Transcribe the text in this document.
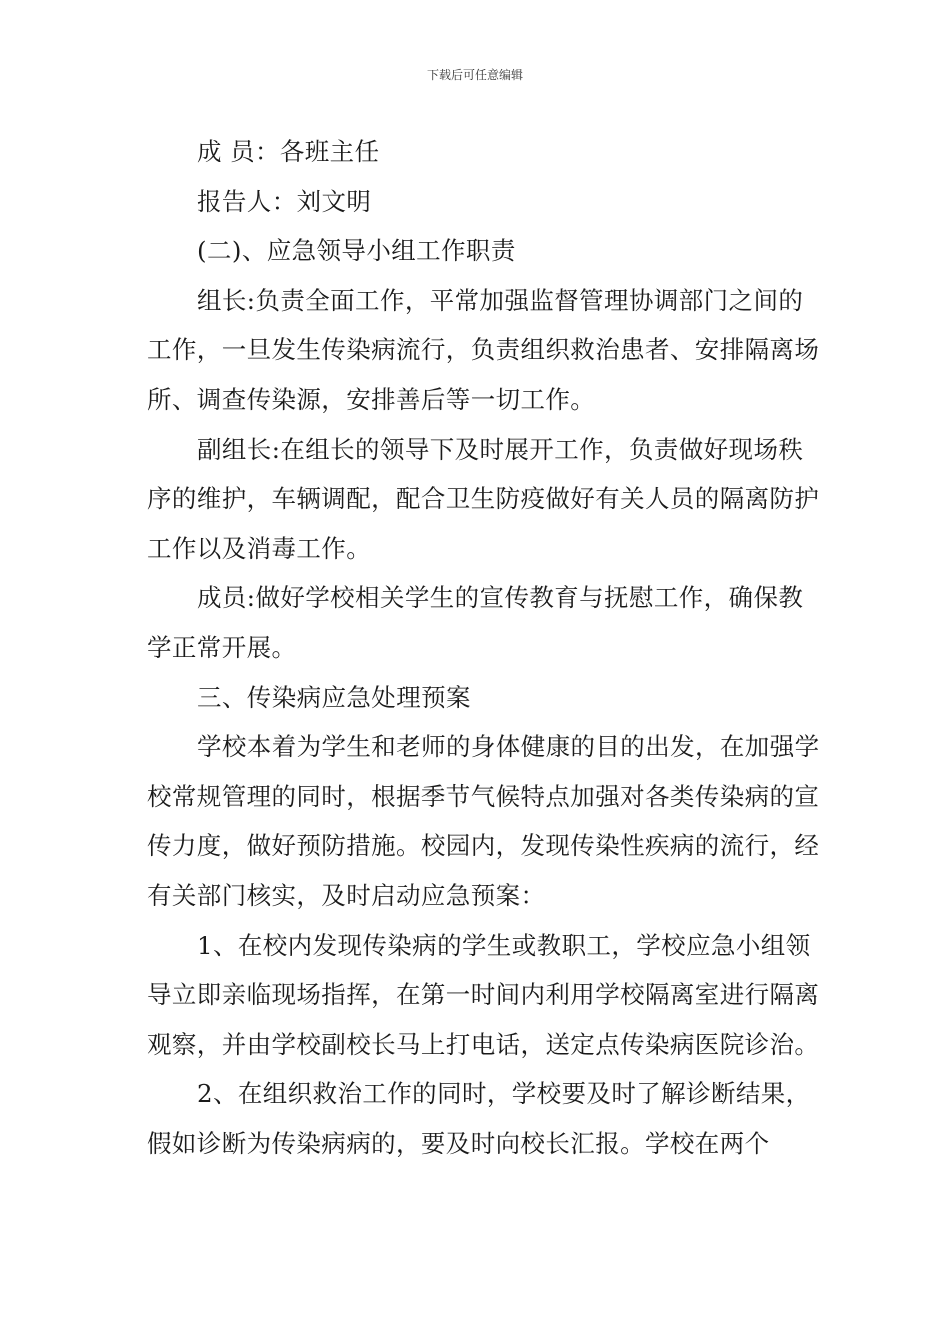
下载后可任意编辑

成 员：各班主任

报告人：刘文明

(二)、应急领导小组工作职责

组长:负责全面工作，平常加强监督管理协调部门之间的工作，一旦发生传染病流行，负责组织救治患者、安排隔离场所、调查传染源，安排善后等一切工作。

副组长:在组长的领导下及时展开工作，负责做好现场秩序的维护，车辆调配，配合卫生防疫做好有关人员的隔离防护工作以及消毒工作。

成员:做好学校相关学生的宣传教育与抚慰工作，确保教学正常开展。

三、传染病应急处理预案

学校本着为学生和老师的身体健康的目的出发，在加强学校常规管理的同时，根据季节气候特点加强对各类传染病的宣传力度，做好预防措施。校园内，发现传染性疾病的流行，经有关部门核实，及时启动应急预案：

1、在校内发现传染病的学生或教职工，学校应急小组领导立即亲临现场指挥，在第一时间内利用学校隔离室进行隔离观察，并由学校副校长马上打电话，送定点传染病医院诊治。

2、在组织救治工作的同时，学校要及时了解诊断结果，假如诊断为传染病病的，要及时向校长汇报。学校在两个
